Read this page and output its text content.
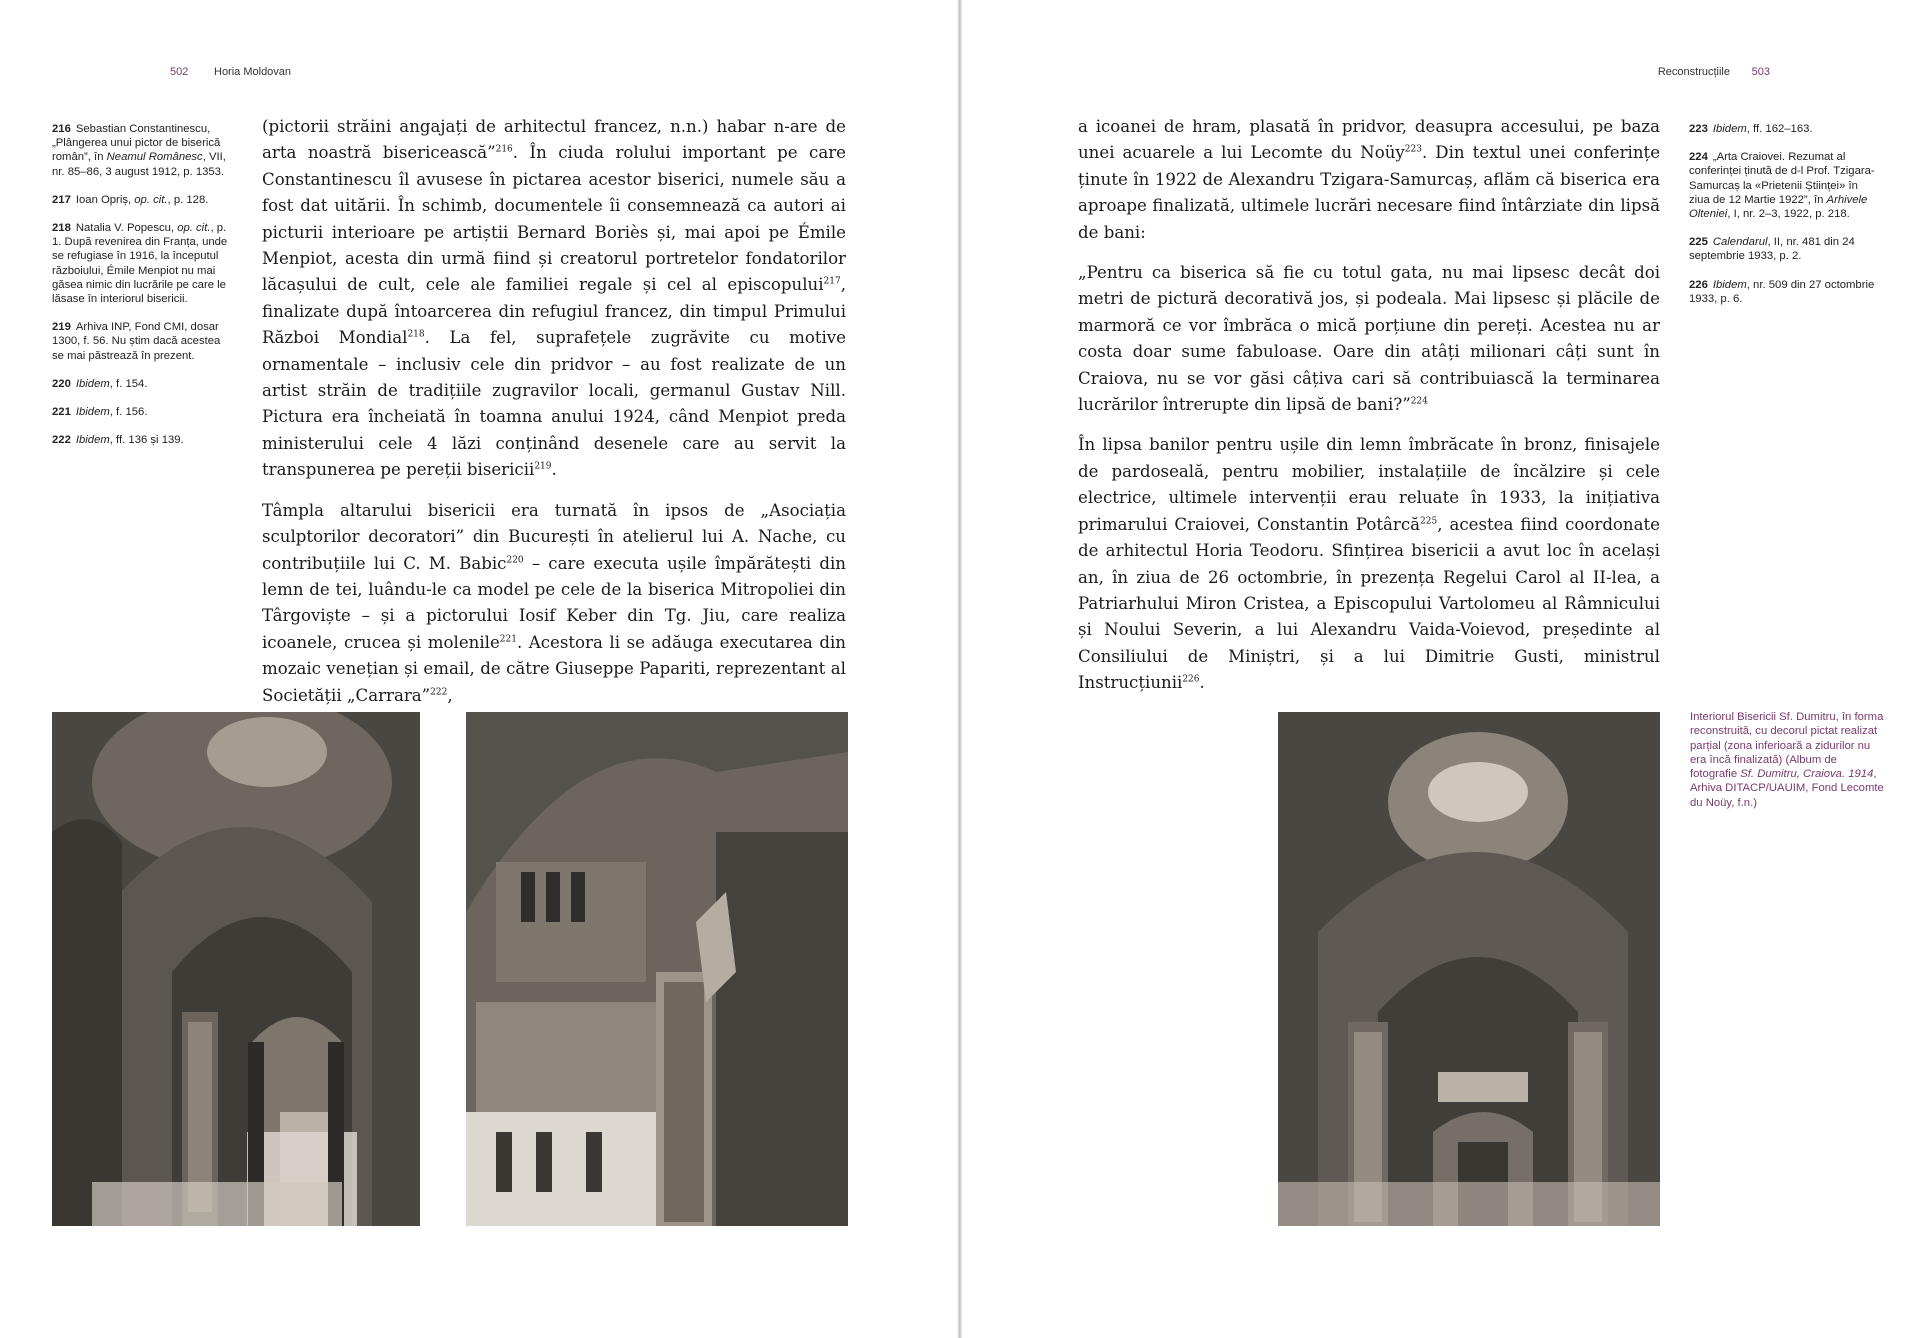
502 Horia Moldovan

216 Sebastian Constantinescu, „Plângerea unui pictor de biserică român”, în Neamul Românesc, VII, nr. 85–86, 3 august 1912, p. 1353.

217 Ioan Opriș, op. cit., p. 128.

218 Natalia V. Popescu, op. cit., p. 1. După revenirea din Franța, unde se refugiase în 1916, la începutul războiului, Émile Menpiot nu mai găsea nimic din lucrările pe care le lăsase în interiorul bisericii.

219 Arhiva INP, Fond CMI, dosar 1300, f. 56. Nu știm dacă acestea se mai păstrează în prezent.

220 Ibidem, f. 154.

221 Ibidem, f. 156.

222 Ibidem, ff. 136 și 139.

(pictorii străini angajați de arhitectul francez, n.n.) habar n-are de arta noastră bisericească”$^{216}$. În ciuda rolului important pe care Constantinescu îl avusese în pictarea acestor biserici, numele său a fost dat uitării. În schimb, documentele îi consemnează ca autori ai picturii interioare pe artiștii Bernard Boriès și, mai apoi pe Émile Menpiot, acesta din urmă fiind și creatorul portretelor fondatorilor lăcașului de cult, cele ale familiei regale și cel al episcopului$^{217}$, finalizate după întoarcerea din refugiul francez, din timpul Primului Război Mondial$^{218}$. La fel, suprafețele zugrăvite cu motive ornamentale – inclusiv cele din pridvor – au fost realizate de un artist străin de tradițiile zugravilor locali, germanul Gustav Nill. Pictura era încheiată în toamna anului 1924, când Menpiot preda ministerului cele 4 lăzi conținând desenele care au servit la transpunerea pe pereții bisericii$^{219}$.

Tâmpla altarului bisericii era turnată în ipsos de „Asociația sculptorilor decoratori” din București în atelierul lui A. Nache, cu contribuțiile lui C. M. Babic$^{220}$ – care executa ușile împărătești din lemn de tei, luându-le ca model pe cele de la biserica Mitropoliei din Târgoviște – și a pictorului Iosif Keber din Tg. Jiu, care realiza icoanele, crucea și molenile$^{221}$. Acestora li se adăuga executarea din mozaic venețian și email, de către Giuseppe Papariti, reprezentant al Societății „Carrara”$^{222}$,

Reconstrucțiile 503

a icoanei de hram, plasată în pridvor, deasupra accesului, pe baza unei acuarele a lui Lecomte du Noüy$^{223}$. Din textul unei conferințe ținute în 1922 de Alexandru Tzigara-Samurcaș, aflăm că biserica era aproape finalizată, ultimele lucrări necesare fiind întârziate din lipsă de bani:

„Pentru ca biserica să fie cu totul gata, nu mai lipsesc decât doi metri de pictură decorativă jos, și podeala. Mai lipsesc și plăcile de marmoră ce vor îmbrăca o mică porțiune din pereți. Acestea nu ar costa doar sume fabuloase. Oare din atâți milionari câți sunt în Craiova, nu se vor găsi câțiva cari să contribuiască la terminarea lucrărilor întrerupte din lipsă de bani?”$^{224}$

În lipsa banilor pentru ușile din lemn îmbrăcate în bronz, finisajele de pardoseală, pentru mobilier, instalațiile de încălzire și cele electrice, ultimele intervenții erau reluate în 1933, la inițiativa primarului Craiovei, Constantin Potârcă$^{225}$, acestea fiind coordonate de arhitectul Horia Teodoru. Sfințirea bisericii a avut loc în același an, în ziua de 26 octombrie, în prezența Regelui Carol al II-lea, a Patriarhului Miron Cristea, a Episcopului Vartolomeu al Râmnicului și Noului Severin, a lui Alexandru Vaida-Voievod, președinte al Consiliului de Miniștri, și a lui Dimitrie Gusti, ministrul Instrucțiunii$^{226}$.

223 Ibidem, ff. 162–163.

224 „Arta Craiovei. Rezumat al conferinței ținută de d-l Prof. Tzigara-Samurcaș la «Prietenii Științei» în ziua de 12 Martie 1922”, în Arhivele Olteniei, I, nr. 2–3, 1922, p. 218.

225 Calendarul, II, nr. 481 din 24 septembrie 1933, p. 2.

226 Ibidem, nr. 509 din 27 octombrie 1933, p. 6.

Interiorul Bisericii Sf. Dumitru, în forma reconstruită, cu decorul pictat realizat parțial (zona inferioară a zidurilor nu era încă finalizată) (Album de fotografie Sf. Dumitru, Craiova. 1914, Arhiva DITACP/UAUIM, Fond Lecomte du Noüy, f.n.)
